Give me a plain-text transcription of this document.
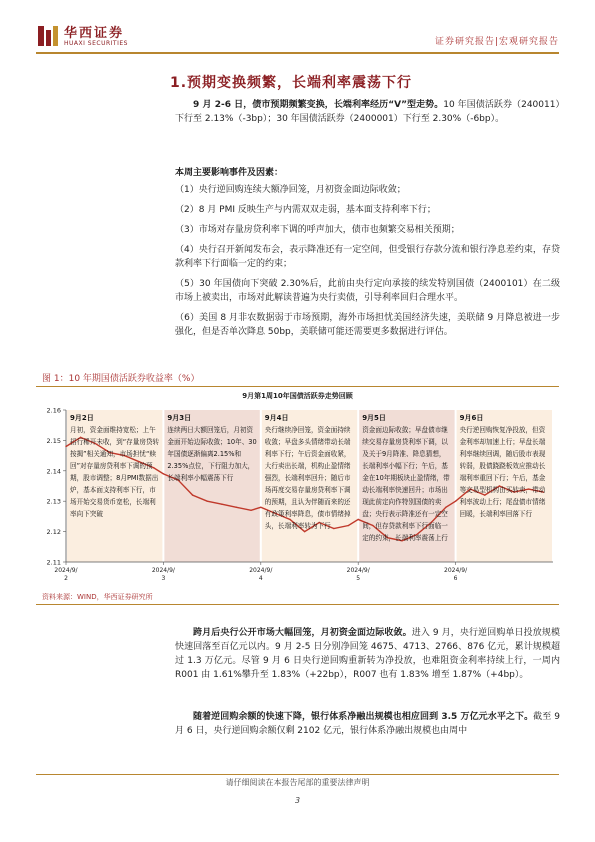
华西证券
HUAXI SECURITIES	证券研究报告|宏观研究报告
1.预期变换频繁，长端利率震荡下行
9 月 2-6 日，债市预期频繁变换，长端利率经历“V”型走势。10 年国债活跃券（240011）下行至 2.13%（-3bp）；30 年国债活跃券（2400001）下行至 2.30%（-6bp）。
本周主要影响事件及因素：
（1）央行逆回购连续大额净回笼，月初资金面边际收敛；
（2）8 月 PMI 反映生产与内需双双走弱，基本面支持利率下行；
（3）市场对存量房贷利率下调的呼声加大，债市也频繁交易相关预期；
（4）央行召开新闻发布会，表示降准还有一定空间，但受银行存款分流和银行净息差约束，存贷款利率下行面临一定的约束；
（5）30 年国债向下突破 2.30%后，此前由央行定向承接的续发特别国债（2400101）在二级市场上被卖出，市场对此解读普遍为央行卖债，引导利率回归合理水平。
（6）美国 8 月非农数据弱于市场预期，海外市场担忧美国经济失速，美联储 9 月降息被进一步强化，但是否单次降息 50bp，美联储可能还需要更多数据进行评估。
图 1：10 年期国债活跃券收益率（%）
9月第1周10年国债活跃券走势回顾
2.16
2.15
2.14
2.13
2.12
2.11
2024/9/
2
2024/9/
3
2024/9/
4
2024/9/
5
2024/9/
6
9月2日
月初，资金面维持宽松；上午招行稀开未收，到“存量房贷转按揭”相关通知，市场担忧“赎回”对存量房贷利率下调的预期，股市调整；8月PMI数据出炉，基本面支持利率下行，市场开始交易货币宽松，长端利率向下突破
9月3日
连续两日大额回笼后，月初资金面开始边际收敛；10年、30年国债逐渐偏离2.15%和2.35%点位，下行阻力加大，长端利率小幅震荡下行
9月4日
央行继续净回笼，资金面持续收敛；早盘多头情绪带动长端利率下行；午后资金面收紧，大行卖出长端，机构止盈情绪强烈，长端利率回升；随后市场再度交易存量房贷利率下调的预期，且认为伴随而来的还有政策利率降息，债市情绪掉头，长端利率转为下行
9月5日
资金面边际收敛；早盘债市继续交易存量房贷利率下调，以及关于9月降准、降息猜想，长端利率小幅下行；午后，基金在10年期板块止盈情绪，带动长端利率快速回升；市场出现此前定向作特别国债的卖盘；央行表示降准还有一定空间，但存贷款利率下行面临一定的约束，长端利率震荡上行
9月6日
央行逆回购恢复净投放，但资金利率却加速上行；早盘长端利率继续回调，随后股市表现转弱，股债跷跷板效应推动长端利率重回下行；午后，基金等交易型机构由买转卖，带动利率波动上行；尾盘债市情绪回暖，长端利率回落下行
资料来源：WIND，华西证券研究所
跨月后央行公开市场大幅回笼，月初资金面边际收敛。进入 9 月，央行逆回购单日投放规模快速回落至百亿元以内。9 月 2-5 日分别净回笼 4675、4713、2766、876 亿元，累计规模超过 1.3 万亿元。尽管 9 月 6 日央行逆回购重新转为净投放，也难阻资金利率持续上行，一周内 R001 由 1.61%攀升至 1.83%（+22bp），R007 也有 1.83% 增至 1.87%（+4bp）。
随着逆回购余额的快速下降，银行体系净融出规模也相应回到 3.5 万亿元水平之下。截至 9 月 6 日，央行逆回购余额仅剩 2102 亿元，银行体系净融出规模也由周中
请仔细阅读在本报告尾部的重要法律声明
3
